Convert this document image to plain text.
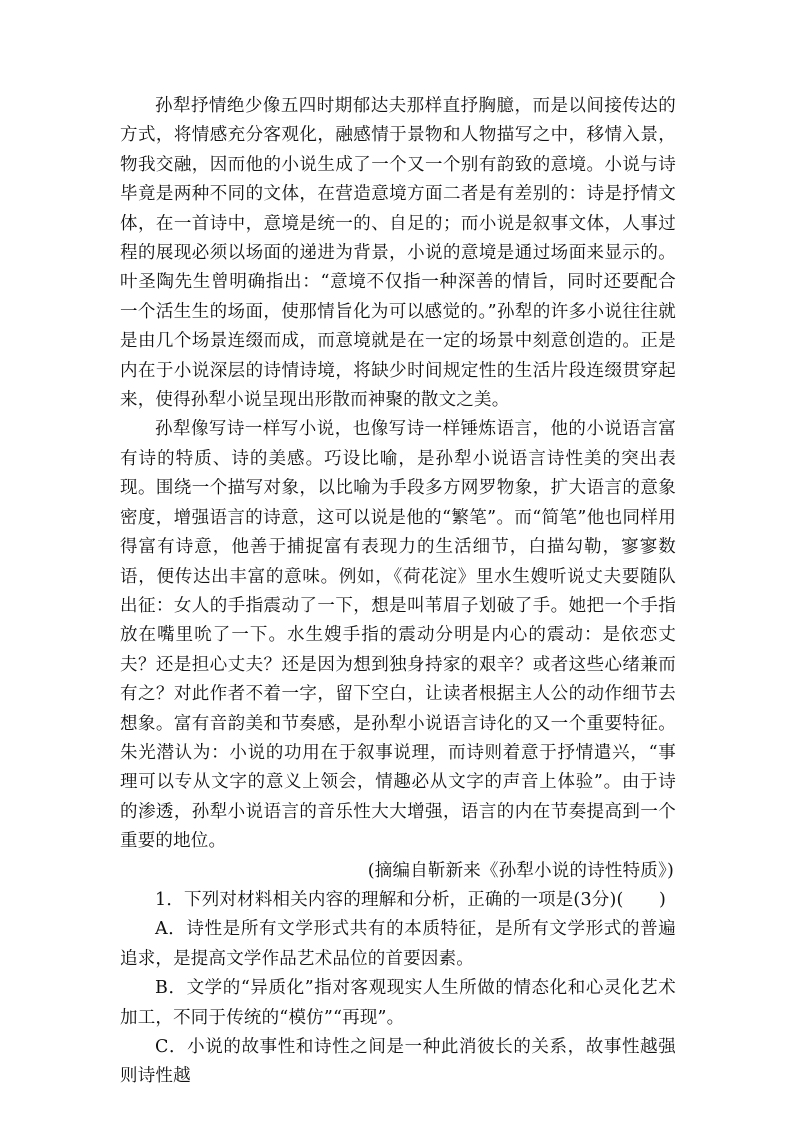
孙犁抒情绝少像五四时期郁达夫那样直抒胸臆，而是以间接传达的方式，将情感充分客观化，融感情于景物和人物描写之中，移情入景，物我交融，因而他的小说生成了一个又一个别有韵致的意境。小说与诗毕竟是两种不同的文体，在营造意境方面二者是有差别的：诗是抒情文体，在一首诗中，意境是统一的、自足的；而小说是叙事文体，人事过程的展现必须以场面的递进为背景，小说的意境是通过场面来显示的。叶圣陶先生曾明确指出：“意境不仅指一种深善的情旨，同时还要配合一个活生生的场面，使那情旨化为可以感觉的。”孙犁的许多小说往往就是由几个场景连缀而成，而意境就是在一定的场景中刻意创造的。正是内在于小说深层的诗情诗境，将缺少时间规定性的生活片段连缀贯穿起来，使得孙犁小说呈现出形散而神聚的散文之美。

孙犁像写诗一样写小说，也像写诗一样锤炼语言，他的小说语言富有诗的特质、诗的美感。巧设比喻，是孙犁小说语言诗性美的突出表现。围绕一个描写对象，以比喻为手段多方网罗物象，扩大语言的意象密度，增强语言的诗意，这可以说是他的“繁笔”。而“简笔”他也同样用得富有诗意，他善于捕捉富有表现力的生活细节，白描勾勒，寥寥数语，便传达出丰富的意味。例如，《荷花淀》里水生嫂听说丈夫要随队出征：女人的手指震动了一下，想是叫苇眉子划破了手。她把一个手指放在嘴里吮了一下。水生嫂手指的震动分明是内心的震动：是依恋丈夫？还是担心丈夫？还是因为想到独身持家的艰辛？或者这些心绪兼而有之？对此作者不着一字，留下空白，让读者根据主人公的动作细节去想象。富有音韵美和节奏感，是孙犁小说语言诗化的又一个重要特征。朱光潜认为：小说的功用在于叙事说理，而诗则着意于抒情遣兴，“事理可以专从文字的意义上领会，情趣必从文字的声音上体验”。由于诗的渗透，孙犁小说语言的音乐性大大增强，语言的内在节奏提高到一个重要的地位。

(摘编自靳新来《孙犁小说的诗性特质》)

1．下列对材料相关内容的理解和分析，正确的一项是(3分)(　　)

A．诗性是所有文学形式共有的本质特征，是所有文学形式的普遍追求，是提高文学作品艺术品位的首要因素。

B．文学的“异质化”指对客观现实人生所做的情态化和心灵化艺术加工，不同于传统的“模仿”“再现”。

C．小说的故事性和诗性之间是一种此消彼长的关系，故事性越强则诗性越
